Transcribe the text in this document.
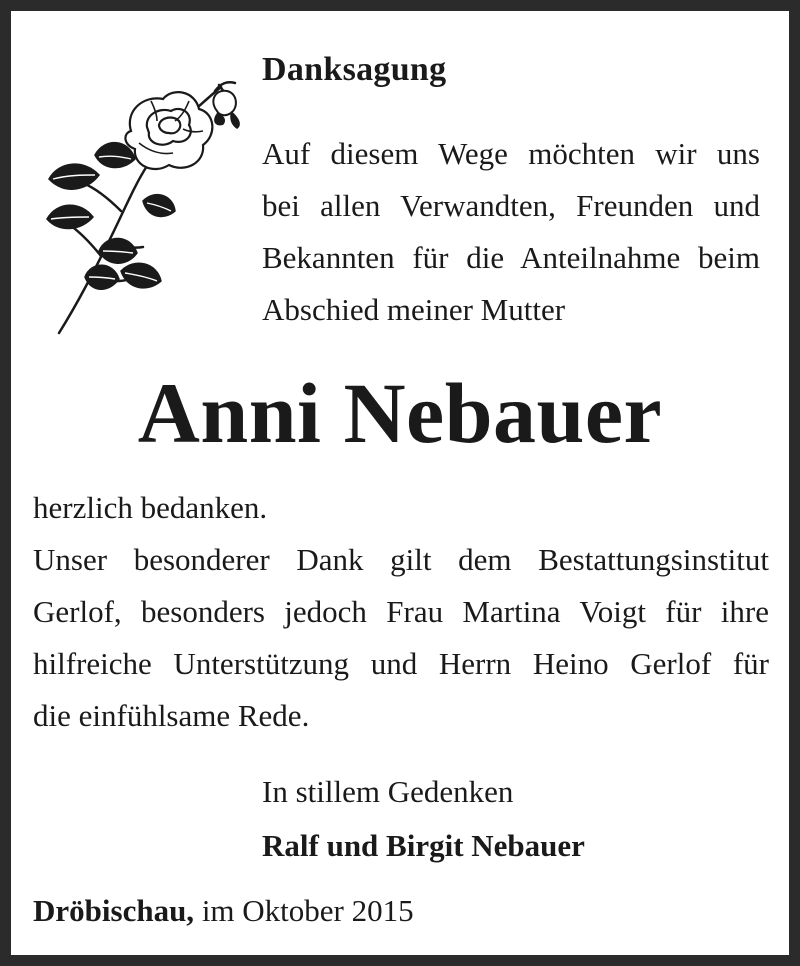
Danksagung
Auf diesem Wege möchten wir uns
bei allen Verwandten, Freunden und
Bekannten für die Anteilnahme beim
Abschied meiner Mutter
Anni Nebauer
herzlich bedanken.
Unser besonderer Dank gilt dem Bestattungsinstitut
Gerlof, besonders jedoch Frau Martina Voigt für ihre
hilfreiche Unterstützung und Herrn Heino Gerlof für
die einfühlsame Rede.
In stillem Gedenken
Ralf und Birgit Nebauer
Dröbischau, im Oktober 2015
